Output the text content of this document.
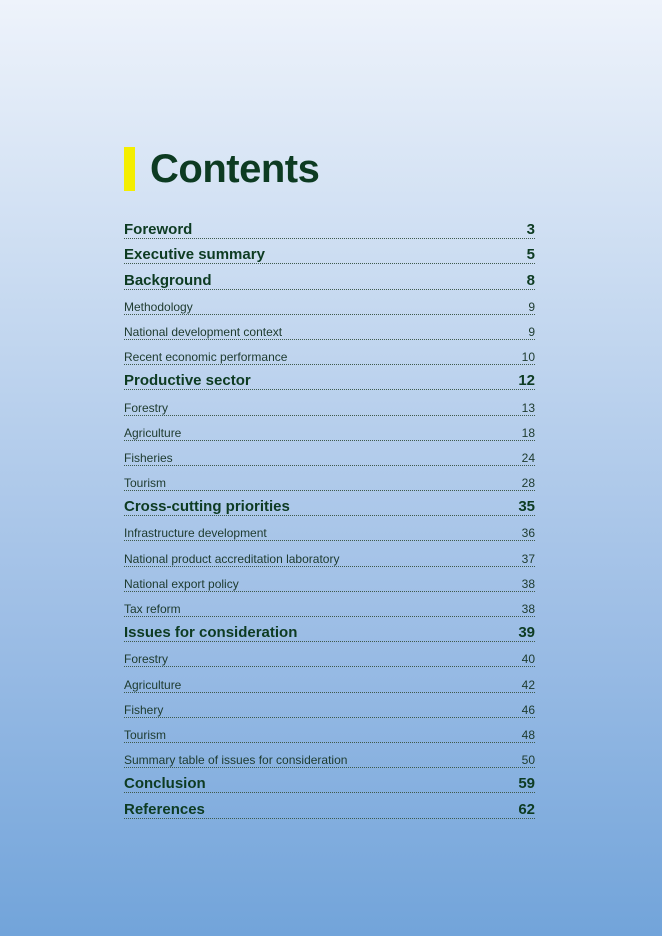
Contents
Foreword	3
Executive summary	5
Background	8
Methodology	9
National development context	9
Recent economic performance	10
Productive sector	12
Forestry	13
Agriculture	18
Fisheries	24
Tourism	28
Cross-cutting priorities	35
Infrastructure development	36
National product accreditation laboratory	37
National export policy	38
Tax reform	38
Issues for consideration	39
Forestry	40
Agriculture	42
Fishery	46
Tourism	48
Summary table of issues for consideration	50
Conclusion	59
References	62
